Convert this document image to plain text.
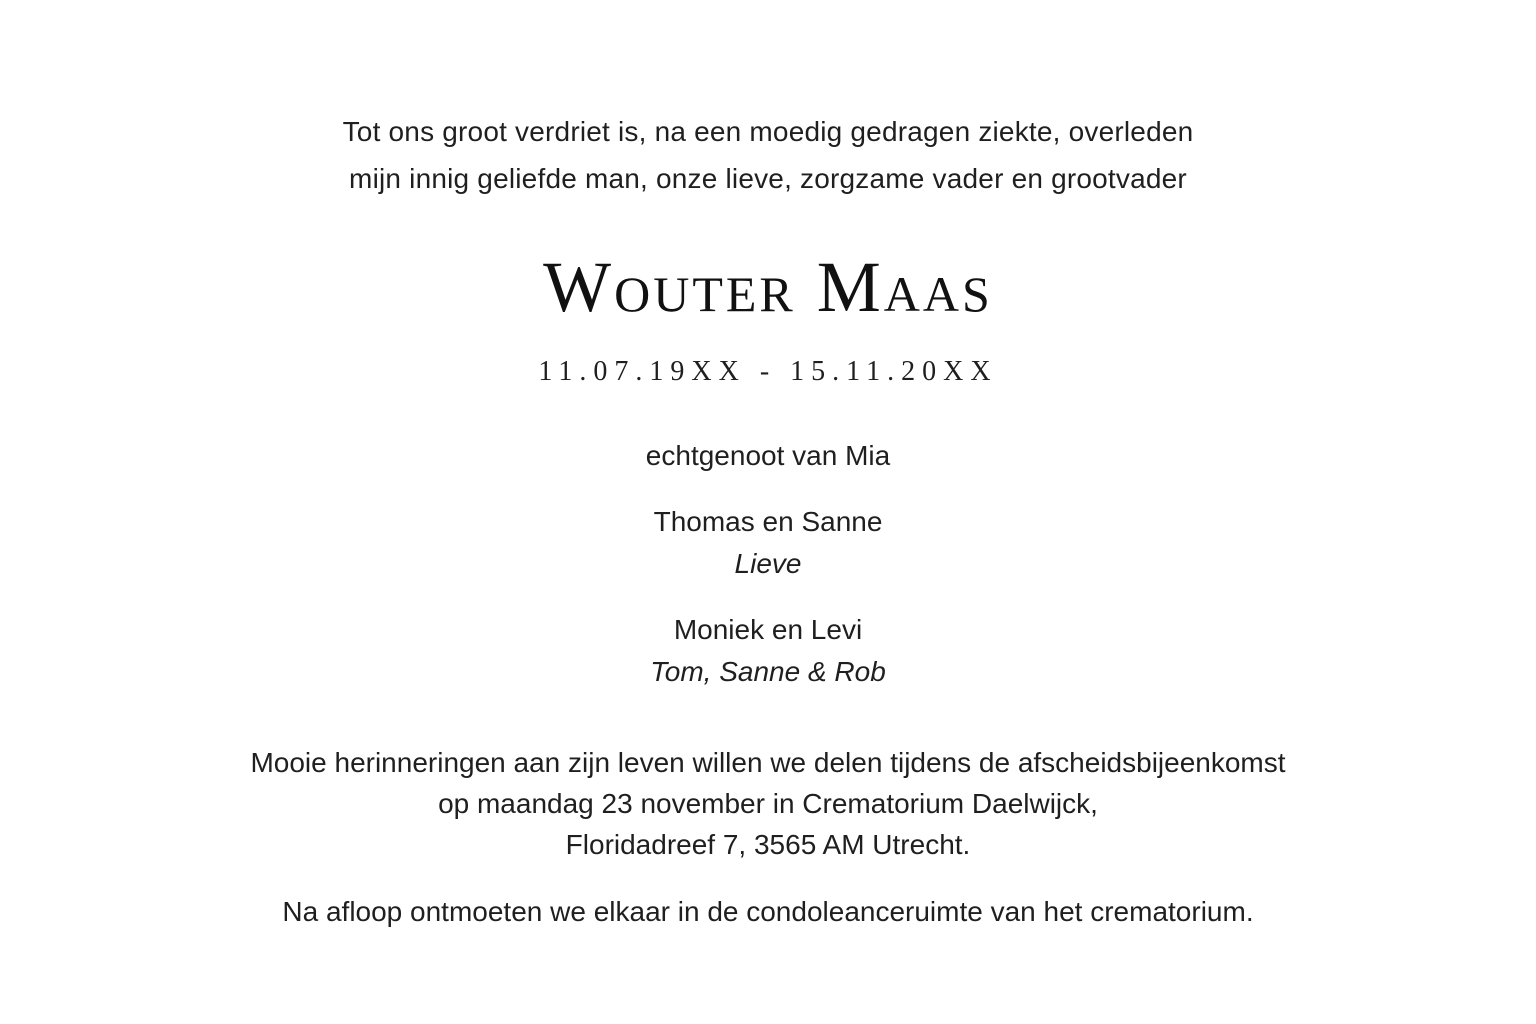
Tot ons groot verdriet is, na een moedig gedragen ziekte, overleden
mijn innig geliefde man, onze lieve, zorgzame vader en grootvader
Wouter Maas
11.07.19XX - 15.11.20XX
echtgenoot van Mia
Thomas en Sanne
Lieve
Moniek en Levi
Tom, Sanne & Rob
Mooie herinneringen aan zijn leven willen we delen tijdens de afscheidsbijeenkomst
op maandag 23 november in Crematorium Daelwijck,
Floridadreef 7, 3565 AM Utrecht.
Na afloop ontmoeten we elkaar in de condoleanceruimte van het crematorium.
